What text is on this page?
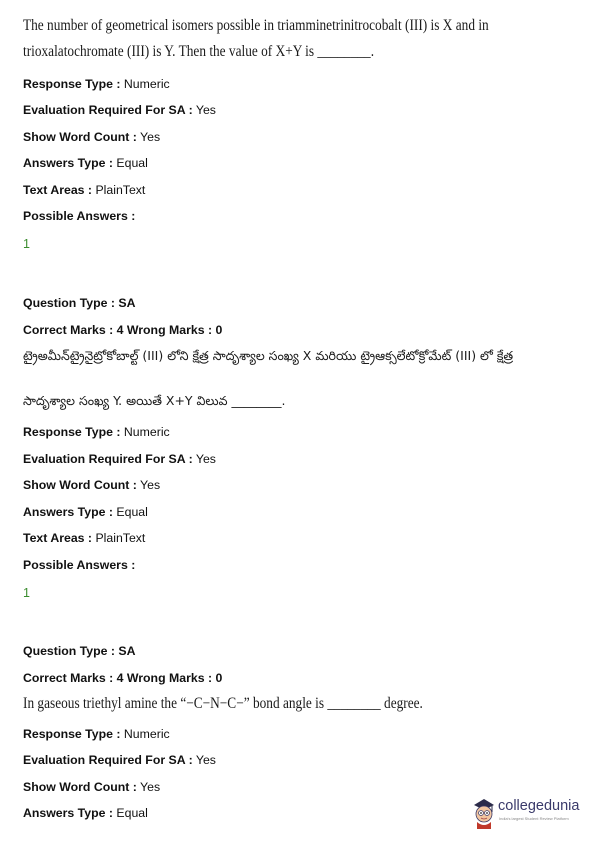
The number of geometrical isomers possible in triamminetrinitrocobalt (III) is X and in
trioxalatochromate (III) is Y. Then the value of X+Y is ________.
Response Type : Numeric
Evaluation Required For SA : Yes
Show Word Count : Yes
Answers Type : Equal
Text Areas : PlainText
Possible Answers :
1
Question Type : SA
Correct Marks : 4 Wrong Marks : 0
ట్రైఅమీన్‌ట్రైనైట్రోకోబాల్ట్ (III) లోని క్షేత్ర సాదృశ్యాల సంఖ్య X మరియు ట్రైఆక్సలేటోక్రోమేట్ (III) లో క్షేత్ర
సాదృశ్యాల సంఖ్య Y. అయితే X+Y విలువ ________.
Response Type : Numeric
Evaluation Required For SA : Yes
Show Word Count : Yes
Answers Type : Equal
Text Areas : PlainText
Possible Answers :
1
Question Type : SA
Correct Marks : 4 Wrong Marks : 0
In gaseous triethyl amine the “−C−N−C−” bond angle is ________ degree.
Response Type : Numeric
Evaluation Required For SA : Yes
Show Word Count : Yes
Answers Type : Equal	collegedunia
India's largest Student Review Platform
